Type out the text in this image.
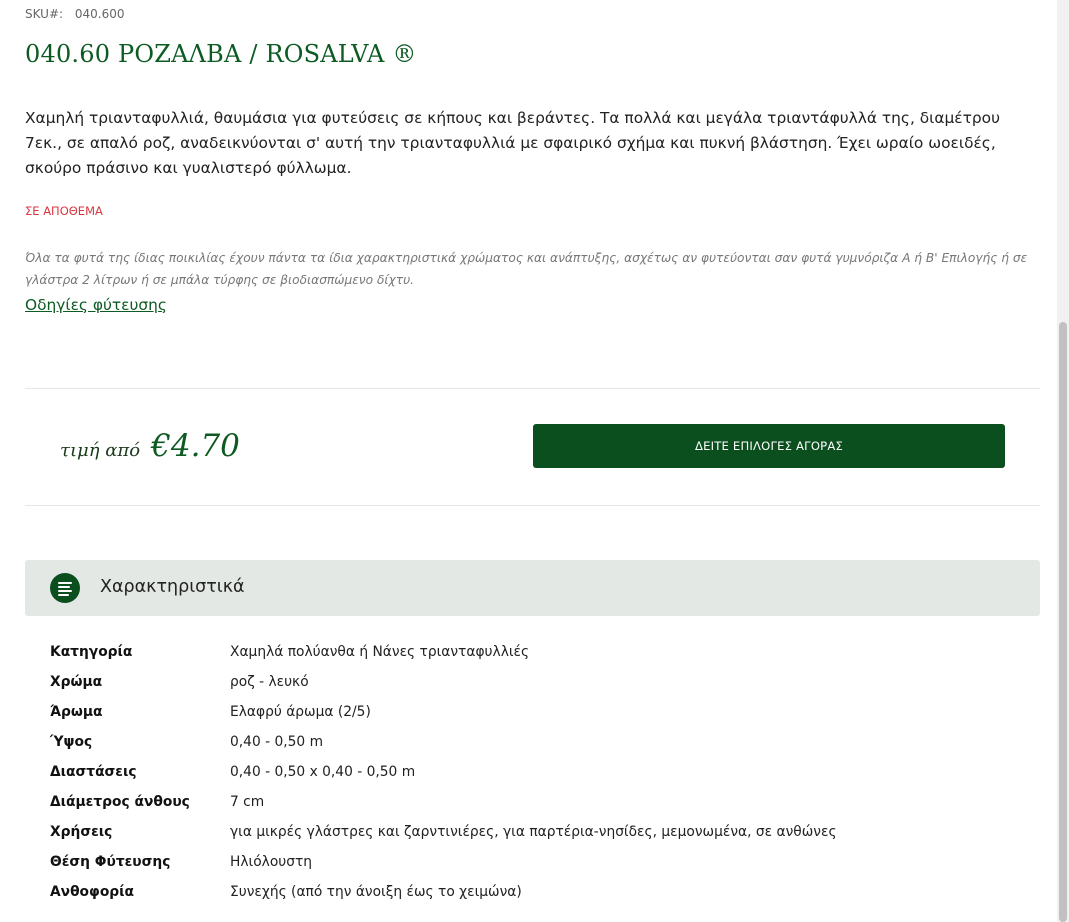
SKU#: 040.600
040.60 ΡΟΖΑΛΒΑ / ROSALVA ®
Χαμηλή τριανταφυλλιά, θαυμάσια για φυτεύσεις σε κήπους και βεράντες. Τα πολλά και μεγάλα τριαντάφυλλά της, διαμέτρου 7εκ., σε απαλό ροζ, αναδεικνύονται σ' αυτή την τριανταφυλλιά με σφαιρικό σχήμα και πυκνή βλάστηση. Έχει ωραίο ωοειδές, σκούρο πράσινο και γυαλιστερό φύλλωμα.
ΣΕ ΑΠΟΘΕΜΑ
Όλα τα φυτά της ίδιας ποικιλίας έχουν πάντα τα ίδια χαρακτηριστικά χρώματος και ανάπτυξης, ασχέτως αν φυτεύονται σαν φυτά γυμνόριζα Α ή Β' Επιλογής ή σε γλάστρα 2 λίτρων ή σε μπάλα τύρφης σε βιοδιασπώμενο δίχτυ.
Οδηγίες φύτευσης
τιμή από €4.70	ΔΕΙΤΕ ΕΠΙΛΟΓΕΣ ΑΓΟΡΑΣ
Χαρακτηριστικά
Κατηγορία	Χαμηλά πολύανθα ή Νάνες τριανταφυλλιές
Χρώμα	ροζ - λευκό
Άρωμα	Ελαφρύ άρωμα (2/5)
Ύψος	0,40 - 0,50 m
Διαστάσεις	0,40 - 0,50 x 0,40 - 0,50 m
Διάμετρος άνθους	7 cm
Χρήσεις	για μικρές γλάστρες και ζαρντινιέρες, για παρτέρια-νησίδες, μεμονωμένα, σε ανθώνες
Θέση Φύτευσης	Ηλιόλουστη
Ανθοφορία	Συνεχής (από την άνοιξη έως το χειμώνα)
